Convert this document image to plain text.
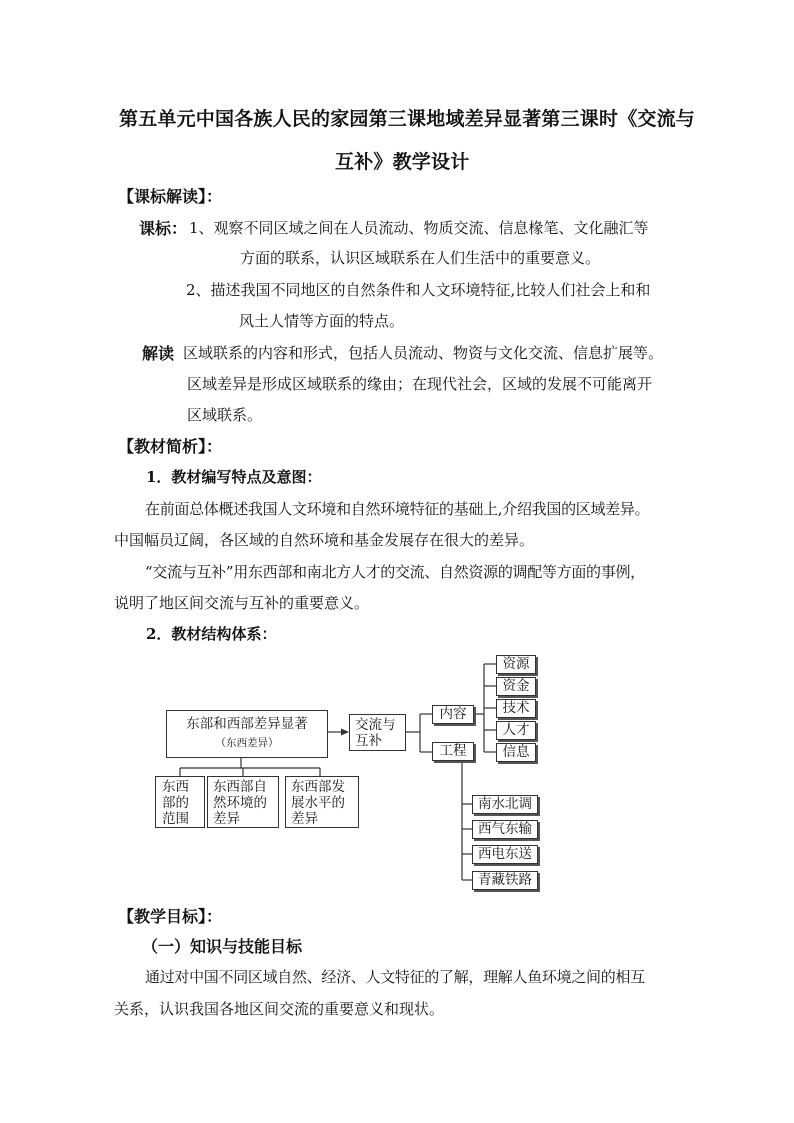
第五单元中国各族人民的家园第三课地域差异显著第三课时《交流与
互补》教学设计
【课标解读】：
课标： 1、观察不同区域之间在人员流动、物质交流、信息椽笔、文化融汇等
方面的联系，认识区域联系在人们生活中的重要意义。
2、描述我国不同地区的自然条件和人文环境特征,比较人们社会上和和
风土人情等方面的特点。
解读 区域联系的内容和形式，包括人员流动、物资与文化交流、信息扩展等。
区域差异是形成区域联系的缘由；在现代社会，区域的发展不可能离开
区域联系。
【教材简析】：
1．教材编写特点及意图：
在前面总体概述我国人文环境和自然环境特征的基础上,介绍我国的区域差异。
中国幅员辽阔，各区域的自然环境和基金发展存在很大的差异。
“交流与互补”用东西部和南北方人才的交流、自然资源的调配等方面的事例，
说明了地区间交流与互补的重要意义。
2．教材结构体系：
东部和西部差异显著
（东西差异）
交流与
互补
内容
工程
资源
资金
技术
人才
信息
南水北调
西气东输
西电东送
青藏铁路
东西
部的
范围
东西部自
然环境的
差异
东西部发
展水平的
差异
【教学目标】：
（一）知识与技能目标
通过对中国不同区域自然、经济、人文特征的了解，理解人鱼环境之间的相互
关系，认识我国各地区间交流的重要意义和现状。
